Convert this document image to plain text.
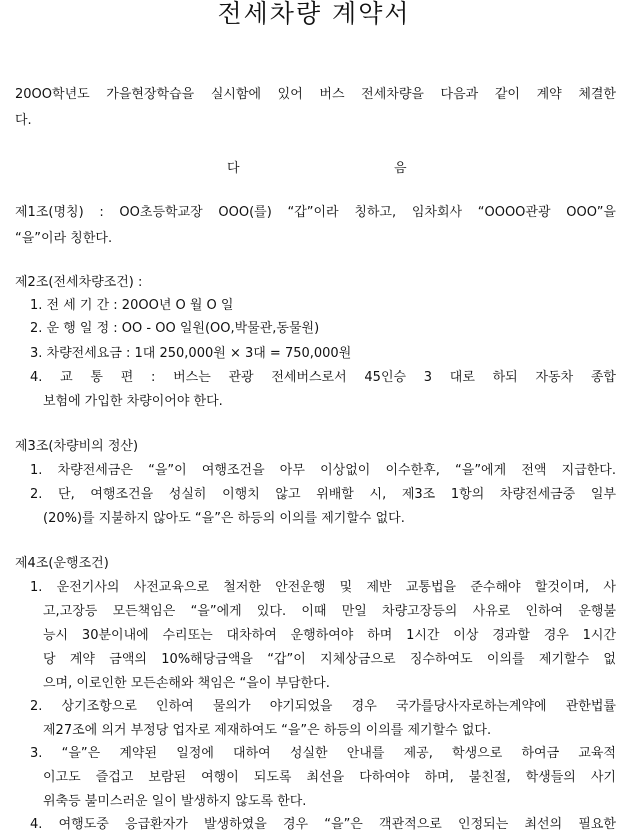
전세차량 계약서
20OO학년도 가을현장학습을 실시함에 있어 버스 전세차량을 다음과 같이 계약 체결한
다.
다	음
제1조(명칭) : OO초등학교장 OOO(를) “갑”이라 칭하고, 임차회사 “OOOO관광 OOO”을
“을”이라 칭한다.
제2조(전세차량조건) :
1. 전 세 기 간 : 20OO년 O 월 O 일
2. 운 행 일 정 : OO - OO 일원(OO,박물관,동물원)
3. 차량전세요금 : 1대 250,000원 × 3대 = 750,000원
4. 교 통 편 : 버스는 관광 전세버스로서 45인승 3 대로 하되 자동차 종합
보험에 가입한 차량이어야 한다.
제3조(차량비의 정산)
1. 차량전세금은 “을”이 여행조건을 아무 이상없이 이수한후, “을”에게 전액 지급한다.
2. 단, 여행조건을 성실히 이행치 않고 위배할 시, 제3조 1항의 차량전세금중 일부
(20%)를 지불하지 않아도 “을”은 하등의 이의를 제기할수 없다.
제4조(운행조건)
1. 운전기사의 사전교육으로 철저한 안전운행 및 제반 교통법을 준수해야 할것이며, 사
고,고장등 모든책임은 “을”에게 있다. 이때 만일 차량고장등의 사유로 인하여 운행불
능시 30분이내에 수리또는 대차하여 운행하여야 하며 1시간 이상 경과할 경우 1시간
당 계약 금액의 10%해당금액을 “갑”이 지체상금으로 징수하여도 이의를 제기할수 없
으며, 이로인한 모든손해와 책임은 “을이 부담한다.
2. 상기조항으로 인하여 물의가 야기되었을 경우 국가를당사자로하는계약에 관한법률
제27조에 의거 부정당 업자로 제재하여도 “을”은 하등의 이의를 제기할수 없다.
3. “을”은 계약된 일정에 대하여 성실한 안내를 제공, 학생으로 하여금 교육적
이고도 즐겁고 보람된 여행이 되도록 최선을 다하여야 하며, 불친절, 학생들의 사기
위축등 불미스러운 일이 발생하지 않도록 한다.
4. 여행도중 응급환자가 발생하였을 경우 “을”은 객관적으로 인정되는 최선의 필요한
